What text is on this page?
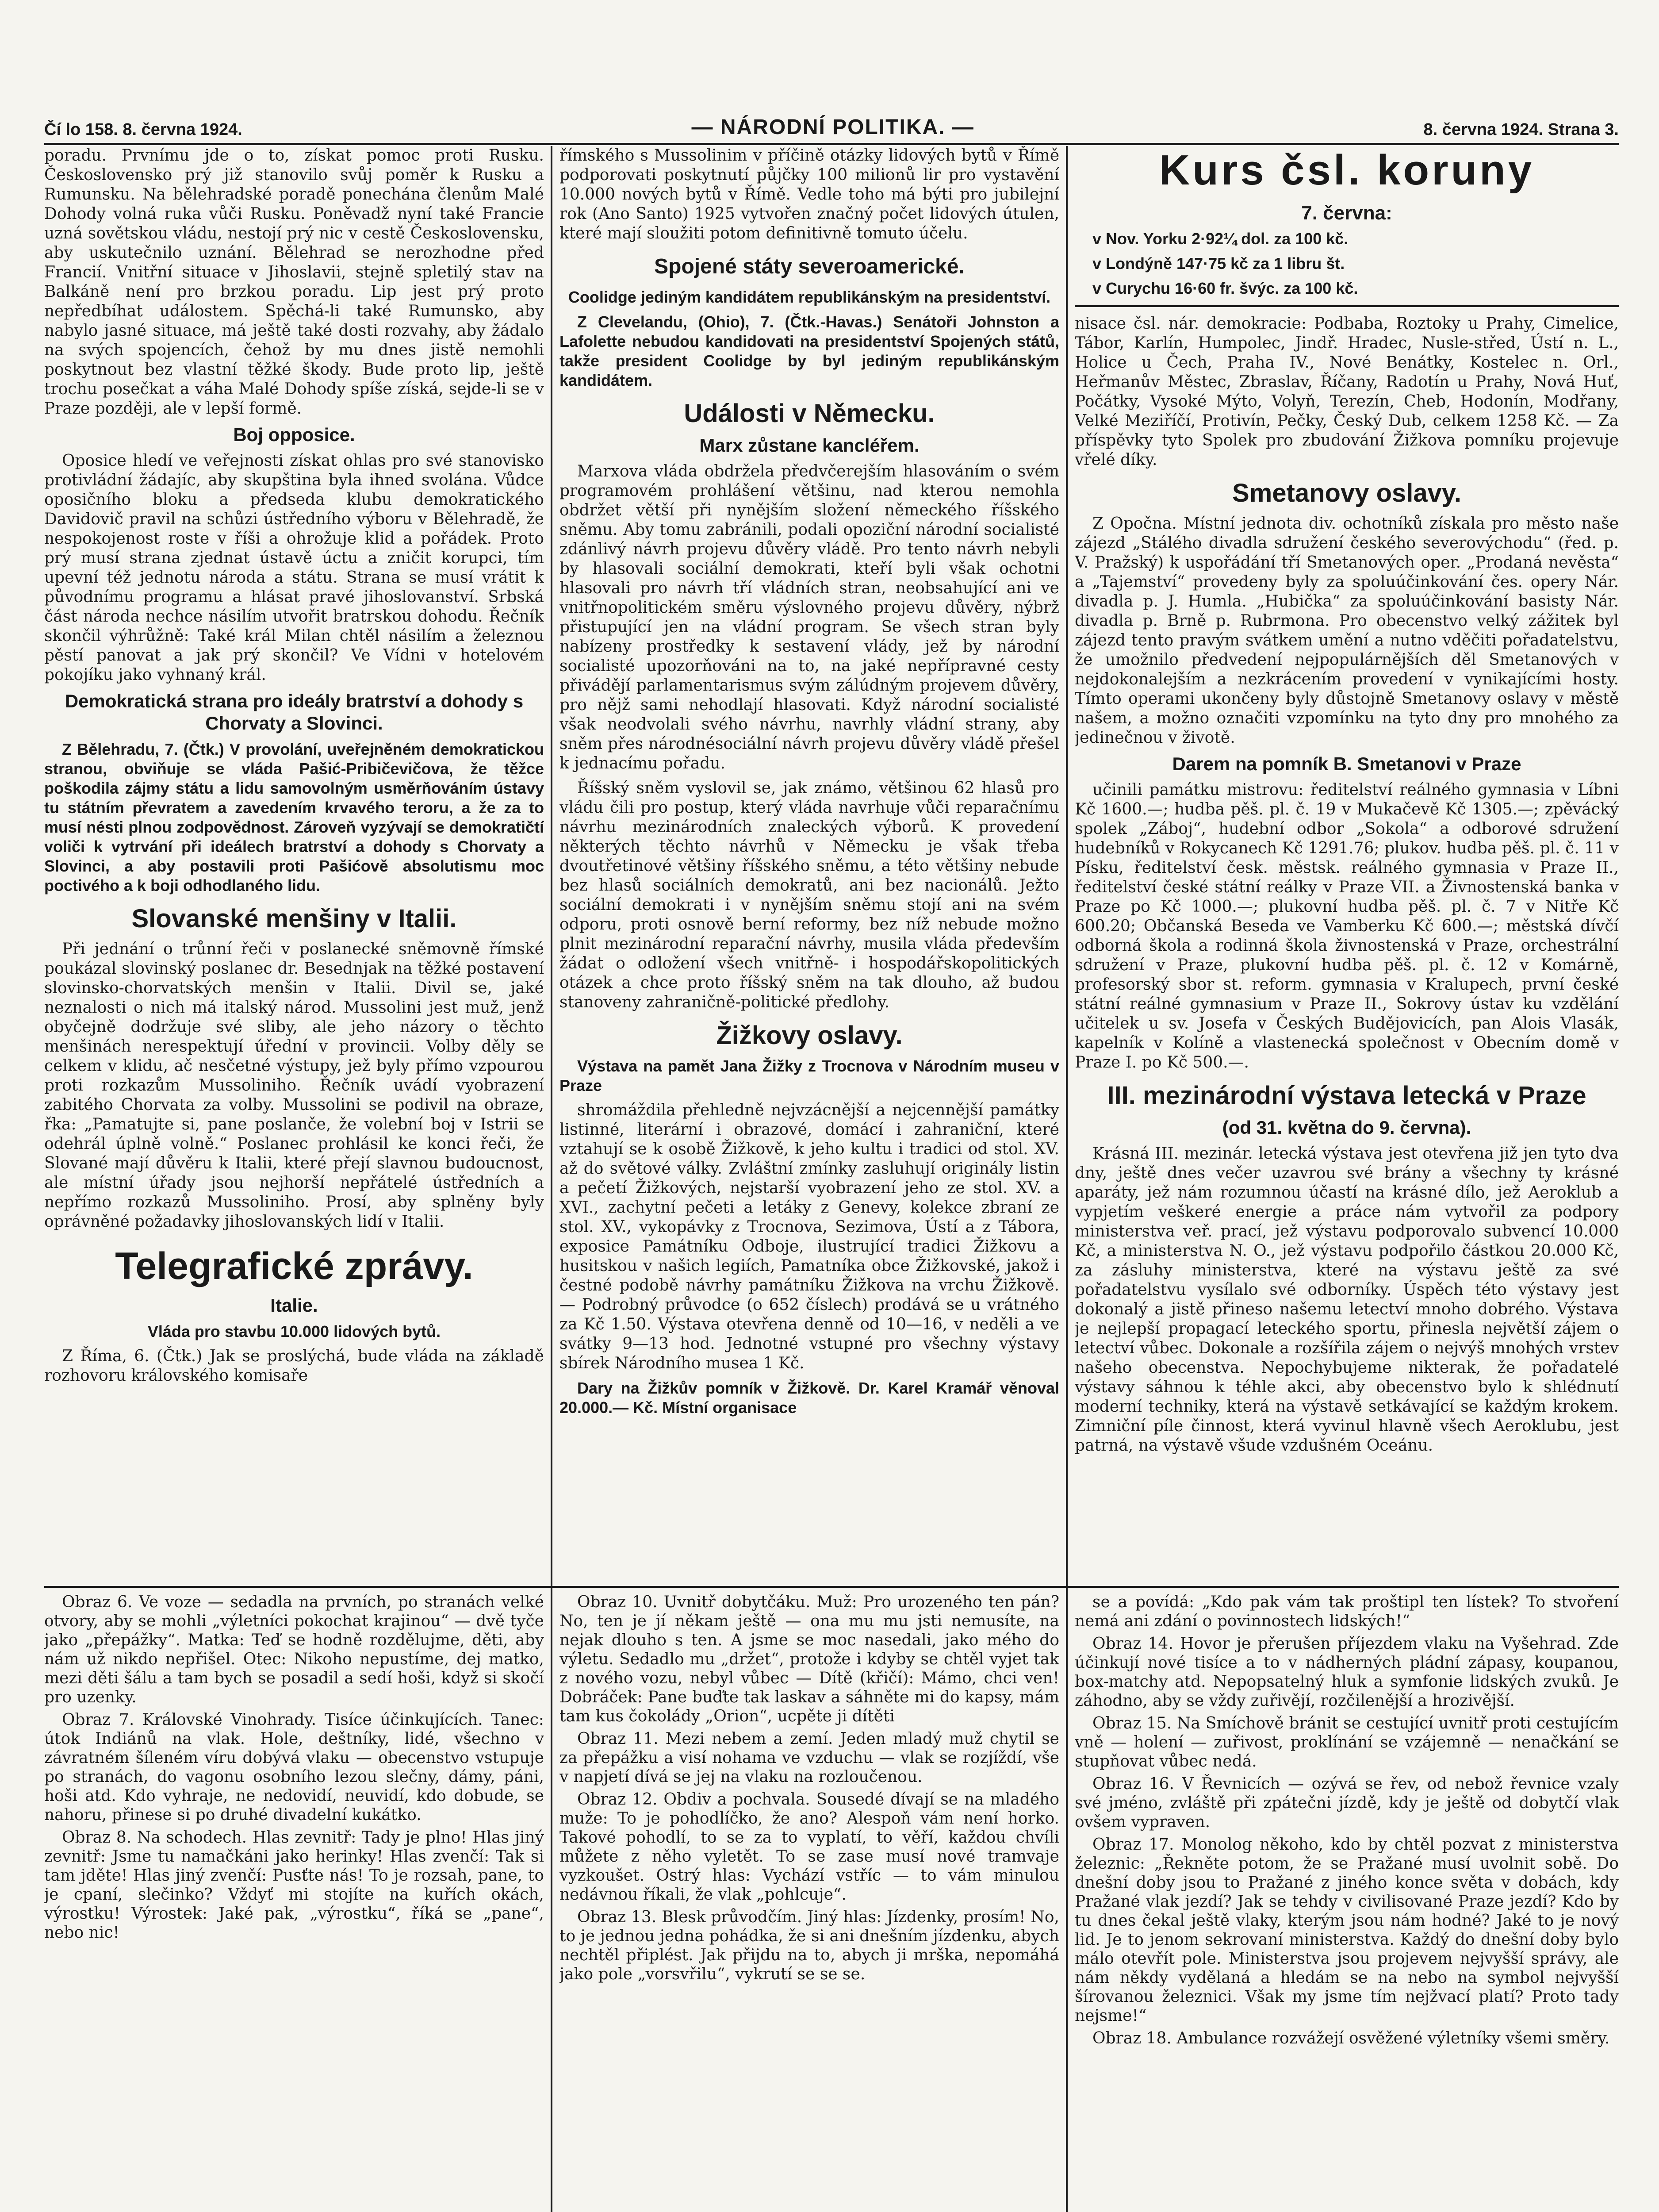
Čí lo 158. 8. června 1924.	— NÁRODNÍ POLITIKA. —	8. června 1924. Strana 3.

poradu. Prvnímu jde o to, získat pomoc proti Rusku. Československo prý již stanovilo svůj poměr k Rusku a Rumunsku. Na bělehradské poradě ponechána členům Malé Dohody volná ruka vůči Rusku. Poněvadž nyní také Francie uzná sovětskou vládu, nestojí prý nic v cestě Československu, aby uskutečnilo uznání. Bělehrad se nerozhodne před Francií. Vnitřní situace v Jihoslavii, stejně spletilý stav na Balkáně není pro brzkou poradu. Lip jest prý proto nepředbíhat událostem. Spěchá-li také Rumunsko, aby nabylo jasné situace, má ještě také dosti rozvahy, aby žádalo na svých spojencích, čehož by mu dnes jistě nemohli poskytnout bez vlastní těžké škody. Bude proto lip, ještě trochu posečkat a váha Malé Dohody spíše získá, sejde-li se v Praze později, ale v lepší formě.

Boj opposice.

Oposice hledí ve veřejnosti získat ohlas pro své stanovisko protivládní žádajíc, aby skupština byla ihned svolána. Vůdce oposičního bloku a předseda klubu demokratického Davidovič pravil na schůzi ústředního výboru v Bělehradě, že nespokojenost roste v říši a ohrožuje klid a pořádek. Proto prý musí strana zjednat ústavě úctu a zničit korupci, tím upevní též jednotu národa a státu. Strana se musí vrátit k původnímu programu a hlásat pravé jihoslovanství. Srbská část národa nechce násilím utvořit bratrskou dohodu. Řečník skončil výhrůžně: Také král Milan chtěl násilím a železnou pěstí panovat a jak prý skončil? Ve Vídni v hotelovém pokojíku jako vyhnaný král.

Demokratická strana pro ideály bratrství a dohody s Chorvaty a Slovinci.

Z Bělehradu, 7. (Čtk.) V provolání, uveřejněném demokratickou stranou, obviňuje se vláda Pašić-Pribičevičova, že těžce poškodila zájmy státu a lidu samovolným usměrňováním ústavy tu státním převratem a zavedením krvavého teroru, a že za to musí nésti plnou zodpovědnost. Zároveň vyzývají se demokratičtí voliči k vytrvání při ideálech bratrství a dohody s Chorvaty a Slovinci, a aby postavili proti Pašićově absolutismu moc poctivého a k boji odhodlaného lidu.

Slovanské menšiny v Italii.

Při jednání o trůnní řeči v poslanecké sněmovně římské poukázal slovinský poslanec dr. Besednjak na těžké postavení slovinsko-chorvatských menšin v Italii. Divil se, jaké neznalosti o nich má italský národ. Mussolini jest muž, jenž obyčejně dodržuje své sliby, ale jeho názory o těchto menšinách nerespektují úřední v provincii. Volby děly se celkem v klidu, ač nesčetné výstupy, jež byly přímo vzpourou proti rozkazům Mussoliniho. Řečník uvádí vyobrazení zabitého Chorvata za volby. Mussolini se podivil na obraze, řka: „Pamatujte si, pane poslanče, že volební boj v Istrii se odehrál úplně volně.“ Poslanec prohlásil ke konci řeči, že Slované mají důvěru k Italii, které přejí slavnou budoucnost, ale místní úřady jsou nejhorší nepřátelé ústředních a nepřímo rozkazů Mussoliniho. Prosí, aby splněny byly oprávněné požadavky jihoslovanských lidí v Italii.

Telegrafické zprávy.
Italie.
Vláda pro stavbu 10.000 lidových bytů.

Z Říma, 6. (Čtk.) Jak se proslýchá, bude vláda na základě rozhovoru královského komisaře

římského s Mussolinim v příčině otázky lidových bytů v Římě podporovati poskytnutí půjčky 100 milionů lir pro vystavění 10.000 nových bytů v Římě. Vedle toho má býti pro jubilejní rok (Ano Santo) 1925 vytvořen značný počet lidových útulen, které mají sloužiti potom definitivně tomuto účelu.

Spojené státy severoamerické.
Coolidge jediným kandidátem republikánským na presidentství.

Z Clevelandu, (Ohio), 7. (Čtk.-Havas.) Senátoři Johnston a Lafolette nebudou kandidovati na presidentství Spojených států, takže president Coolidge by byl jediným republikánským kandidátem.

Události v Německu.
Marx zůstane kancléřem.

Marxova vláda obdržela předvčerejším hlasováním o svém programovém prohlášení většinu, nad kterou nemohla obdržet větší při nynějším složení německého říšského sněmu. Aby tomu zabránili, podali opoziční národní socialisté zdánlivý návrh projevu důvěry vládě. Pro tento návrh nebyli by hlasovali sociální demokrati, kteří byli však ochotni hlasovali pro návrh tří vládních stran, neobsahující ani ve vnitřnopolitickém směru výslovného projevu důvěry, nýbrž přistupující jen na vládní program. Se všech stran byly nabízeny prostředky k sestavení vlády, jež by národní socialisté upozorňováni na to, na jaké nepřípravné cesty přivádějí parlamentarismus svým zálúdným projevem důvěry, pro nějž sami nehodlají hlasovati. Když národní socialisté však neodvolali svého návrhu, navrhly vládní strany, aby sněm přes národnésociální návrh projevu důvěry vládě přešel k jednacímu pořadu.

Říšský sněm vyslovil se, jak známo, většinou 62 hlasů pro vládu čili pro postup, který vláda navrhuje vůči reparačnímu návrhu mezinárodních znaleckých výborů. K provedení některých těchto návrhů v Německu je však třeba dvoutřetinové většiny říšského sněmu, a této většiny nebude bez hlasů sociálních demokratů, ani bez nacionálů. Ježto sociální demokrati i v nynějším sněmu stojí ani na svém odporu, proti osnově berní reformy, bez níž nebude možno plnit mezinárodní reparační návrhy, musila vláda především žádat o odložení všech vnitřně- i hospodářskopolitických otázek a chce proto říšský sněm na tak dlouho, až budou stanoveny zahraničně-politické předlohy.

Žižkovy oslavy.

Výstava na pamět Jana Žižky z Trocnova v Národním museu v Praze

shromáždila přehledně nejvzácnější a nejcennější památky listinné, literární i obrazové, domácí i zahraniční, které vztahují se k osobě Žižkově, k jeho kultu i tradici od stol. XV. až do světové války. Zvláštní zmínky zasluhují originály listin a pečetí Žižkových, nejstarší vyobrazení jeho ze stol. XV. a XVI., zachytní pečeti a letáky z Genevy, kolekce zbraní ze stol. XV., vykopávky z Trocnova, Sezimova, Ústí a z Tábora, exposice Památníku Odboje, ilustrující tradici Žižkovu a husitskou v našich legiích, Pamatníka obce Žižkovské, jakož i čestné podobě návrhy památníku Žižkova na vrchu Žižkově. — Podrobný průvodce (o 652 číslech) prodává se u vrátného za Kč 1.50. Výstava otevřena denně od 10—16, v neděli a ve svátky 9—13 hod. Jednotné vstupné pro všechny výstavy sbírek Národního musea 1 Kč.

Dary na Žižkův pomník v Žižkově. Dr. Karel Kramář věnoval 20.000.— Kč. Místní organisace

Kurs čsl. koruny
7. června:

v Nov. Yorku 2·92¼ dol. za 100 kč.

v Londýně 147·75 kč za 1 libru št.

v Curychu 16·60 fr. švýc. za 100 kč.

nisace čsl. nár. demokracie: Podbaba, Roztoky u Prahy, Cimelice, Tábor, Karlín, Humpolec, Jindř. Hradec, Nusle-střed, Ústí n. L., Holice u Čech, Praha IV., Nové Benátky, Kostelec n. Orl., Heřmanův Městec, Zbraslav, Říčany, Radotín u Prahy, Nová Huť, Počátky, Vysoké Mýto, Volyň, Terezín, Cheb, Hodonín, Modřany, Velké Meziříčí, Protivín, Pečky, Český Dub, celkem 1258 Kč. — Za příspěvky tyto Spolek pro zbudování Žižkova pomníku projevuje vřelé díky.

Smetanovy oslavy.

Z Opočna. Místní jednota div. ochotníků získala pro město naše zájezd „Stálého divadla sdružení českého severovýchodu“ (řed. p. V. Pražský) k uspořádání tří Smetanových oper. „Prodaná nevěsta“ a „Tajemství“ provedeny byly za spoluúčinkování čes. opery Nár. divadla p. J. Humla. „Hubička“ za spoluúčinkování basisty Nár. divadla p. Brně p. Rubrmona. Pro obecenstvo velký zážitek byl zájezd tento pravým svátkem umění a nutno vděčiti pořadatelstvu, že umožnilo předvedení nejpopulárnějších děl Smetanových v nejdokonalejším a nezkrácením provedení v vynikajícími hosty. Tímto operami ukončeny byly důstojně Smetanovy oslavy v městě našem, a možno označiti vzpomínku na tyto dny pro mnohého za jedinečnou v životě.

Darem na pomník B. Smetanovi v Praze

učinili památku mistrovu: ředitelství reálného gymnasia v Líbni Kč 1600.—; hudba pěš. pl. č. 19 v Mukačevě Kč 1305.—; zpěvácký spolek „Záboj“, hudební odbor „Sokola“ a odborové sdružení hudebníků v Rokycanech Kč 1291.76; plukov. hudba pěš. pl. č. 11 v Písku, ředitelství česk. městsk. reálného gymnasia v Praze II., ředitelství české státní reálky v Praze VII. a Živnostenská banka v Praze po Kč 1000.—; plukovní hudba pěš. pl. č. 7 v Nitře Kč 600.20; Občanská Beseda ve Vamberku Kč 600.—; městská dívčí odborná škola a rodinná škola živnostenská v Praze, orchestrální sdružení v Praze, plukovní hudba pěš. pl. č. 12 v Komárně, profesorský sbor st. reform. gymnasia v Kralupech, první české státní reálné gymnasium v Praze II., Sokrovy ústav ku vzdělání učitelek u sv. Josefa v Českých Budějovicích, pan Alois Vlasák, kapelník v Kolíně a vlastenecká společnost v Obecním domě v Praze I. po Kč 500.—.

III. mezinárodní výstava letecká v Praze
(od 31. května do 9. června).

Krásná III. mezinár. letecká výstava jest otevřena již jen tyto dva dny, ještě dnes večer uzavrou své brány a všechny ty krásné aparáty, jež nám rozumnou účastí na krásné dílo, jež Aeroklub a vypjetím veškeré energie a práce nám vytvořil za podpory ministerstva veř. prací, jež výstavu podporovalo subvencí 10.000 Kč, a ministerstva N. O., jež výstavu podpořilo částkou 20.000 Kč, za zásluhy ministerstva, které na výstavu ještě za své pořadatelstvu vysílalo své odborníky. Úspěch této výstavy jest dokonalý a jistě přineso našemu letectví mnoho dobrého. Výstava je nejlepší propagací leteckého sportu, přinesla největší zájem o letectví vůbec. Dokonale a rozšířila zájem o nejvýš mnohých vrstev našeho obecenstva. Nepochybujeme nikterak, že pořadatelé výstavy sáhnou k téhle akci, aby obecenstvo bylo k shlédnutí moderní techniky, která na výstavě setkávající se každým krokem. Zimniční píle činnost, která vyvinul hlavně všech Aeroklubu, jest patrná, na výstavě všude vzdušném Oceánu.

Obraz 6. Ve voze — sedadla na prvních, po stranách velké otvory, aby se mohli „výletníci pokochat krajinou“ — dvě tyče jako „přepážky“. Matka: Teď se hodně rozdělujme, děti, aby nám už nikdo nepřišel. Otec: Nikoho nepustíme, dej matko, mezi děti šálu a tam bych se posadil a sedí hoši, když si skočí pro uzenky.

Obraz 7. Královské Vinohrady. Tisíce účinkujících. Tanec: útok Indiánů na vlak. Hole, deštníky, lidé, všechno v závratném šíleném víru dobývá vlaku — obecenstvo vstupuje po stranách, do vagonu osobního lezou slečny, dámy, páni, hoši atd. Kdo vyhraje, ne nedovidí, neuvidí, kdo dobude, se nahoru, přinese si po druhé divadelní kukátko.

Obraz 8. Na schodech. Hlas zevnitř: Tady je plno! Hlas jiný zevnitř: Jsme tu namačkáni jako herinky! Hlas zvenčí: Tak si tam jděte! Hlas jiný zvenčí: Pusťte nás! To je rozsah, pane, to je cpaní, slečinko? Vždyť mi stojíte na kuřích okách, výrostku! Výrostek: Jaké pak, „výrostku“, říká se „pane“, nebo nic!

Obraz 10. Uvnitř dobytčáku. Muž: Pro urozeného ten pán? No, ten je jí někam ještě — ona mu mu jsti nemusíte, na nejak dlouho s ten. A jsme se moc nasedali, jako mého do výletu. Sedadlo mu „držet“, protože i kdyby se chtěl vyjet tak z nového vozu, nebyl vůbec — Dítě (křičí): Mámo, chci ven! Dobráček: Pane buďte tak laskav a sáhněte mi do kapsy, mám tam kus čokolády „Orion“, ucpěte ji dítěti

Obraz 11. Mezi nebem a zemí. Jeden mladý muž chytil se za přepážku a visí nohama ve vzduchu — vlak se rozjíždí, vše v napjetí dívá se jej na vlaku na rozloučenou.

Obraz 12. Obdiv a pochvala. Sousedé dívají se na mladého muže: To je pohodlíčko, že ano? Alespoň vám není horko. Takové pohodlí, to se za to vyplatí, to věří, každou chvíli můžete z něho vyletět. To se zase musí nové tramvaje vyzkoušet. Ostrý hlas: Vychází vstříc — to vám minulou nedávnou říkali, že vlak „pohlcuje“.

Obraz 13. Blesk průvodčím. Jiný hlas: Jízdenky, prosím! No, to je jednou jedna pohádka, že si ani dnešním jízdenku, abych nechtěl připlést. Jak přijdu na to, abych ji mrška, nepomáhá jako pole „vorsvřilu“, vykrutí se se se.

se a povídá: „Kdo pak vám tak proštipl ten lístek? To stvoření nemá ani zdání o povinnostech lidských!“

Obraz 14. Hovor je přerušen příjezdem vlaku na Vyšehrad. Zde účinkují nové tisíce a to v nádherných pládní zápasy, koupanou, box-matchy atd. Nepopsatelný hluk a symfonie lidských zvuků. Je záhodno, aby se vždy zuřivějí, rozčilenější a hrozivější.

Obraz 15. Na Smíchově bránit se cestující uvnitř proti cestujícím vně — holení — zuřivost, proklínání se vzájemně — nenačkání se stupňovat vůbec nedá.

Obraz 16. V Řevnicích — ozývá se řev, od nebož řevnice vzaly své jméno, zvláště při zpátečni jízdě, kdy je ještě od dobytčí vlak ovšem vypraven.

Obraz 17. Monolog někoho, kdo by chtěl pozvat z ministerstva železnic: „Řekněte potom, že se Pražané musí uvolnit sobě. Do dnešní doby jsou to Pražané z jiného konce světa v dobách, kdy Pražané vlak jezdí? Jak se tehdy v civilisované Praze jezdí? Kdo by tu dnes čekal ještě vlaky, kterým jsou nám hodné? Jaké to je nový lid. Je to jenom sekrovaní ministerstva. Každý do dnešní doby bylo málo otevřít pole. Ministerstva jsou projevem nejvyšší správy, ale nám někdy vydělaná a hledám se na nebo na symbol nejvyšší šírovanou železnici. Však my jsme tím nejžvací platí? Proto tady nejsme!“

Obraz 18. Ambulance rozvážejí osvěžené výletníky všemi směry.
